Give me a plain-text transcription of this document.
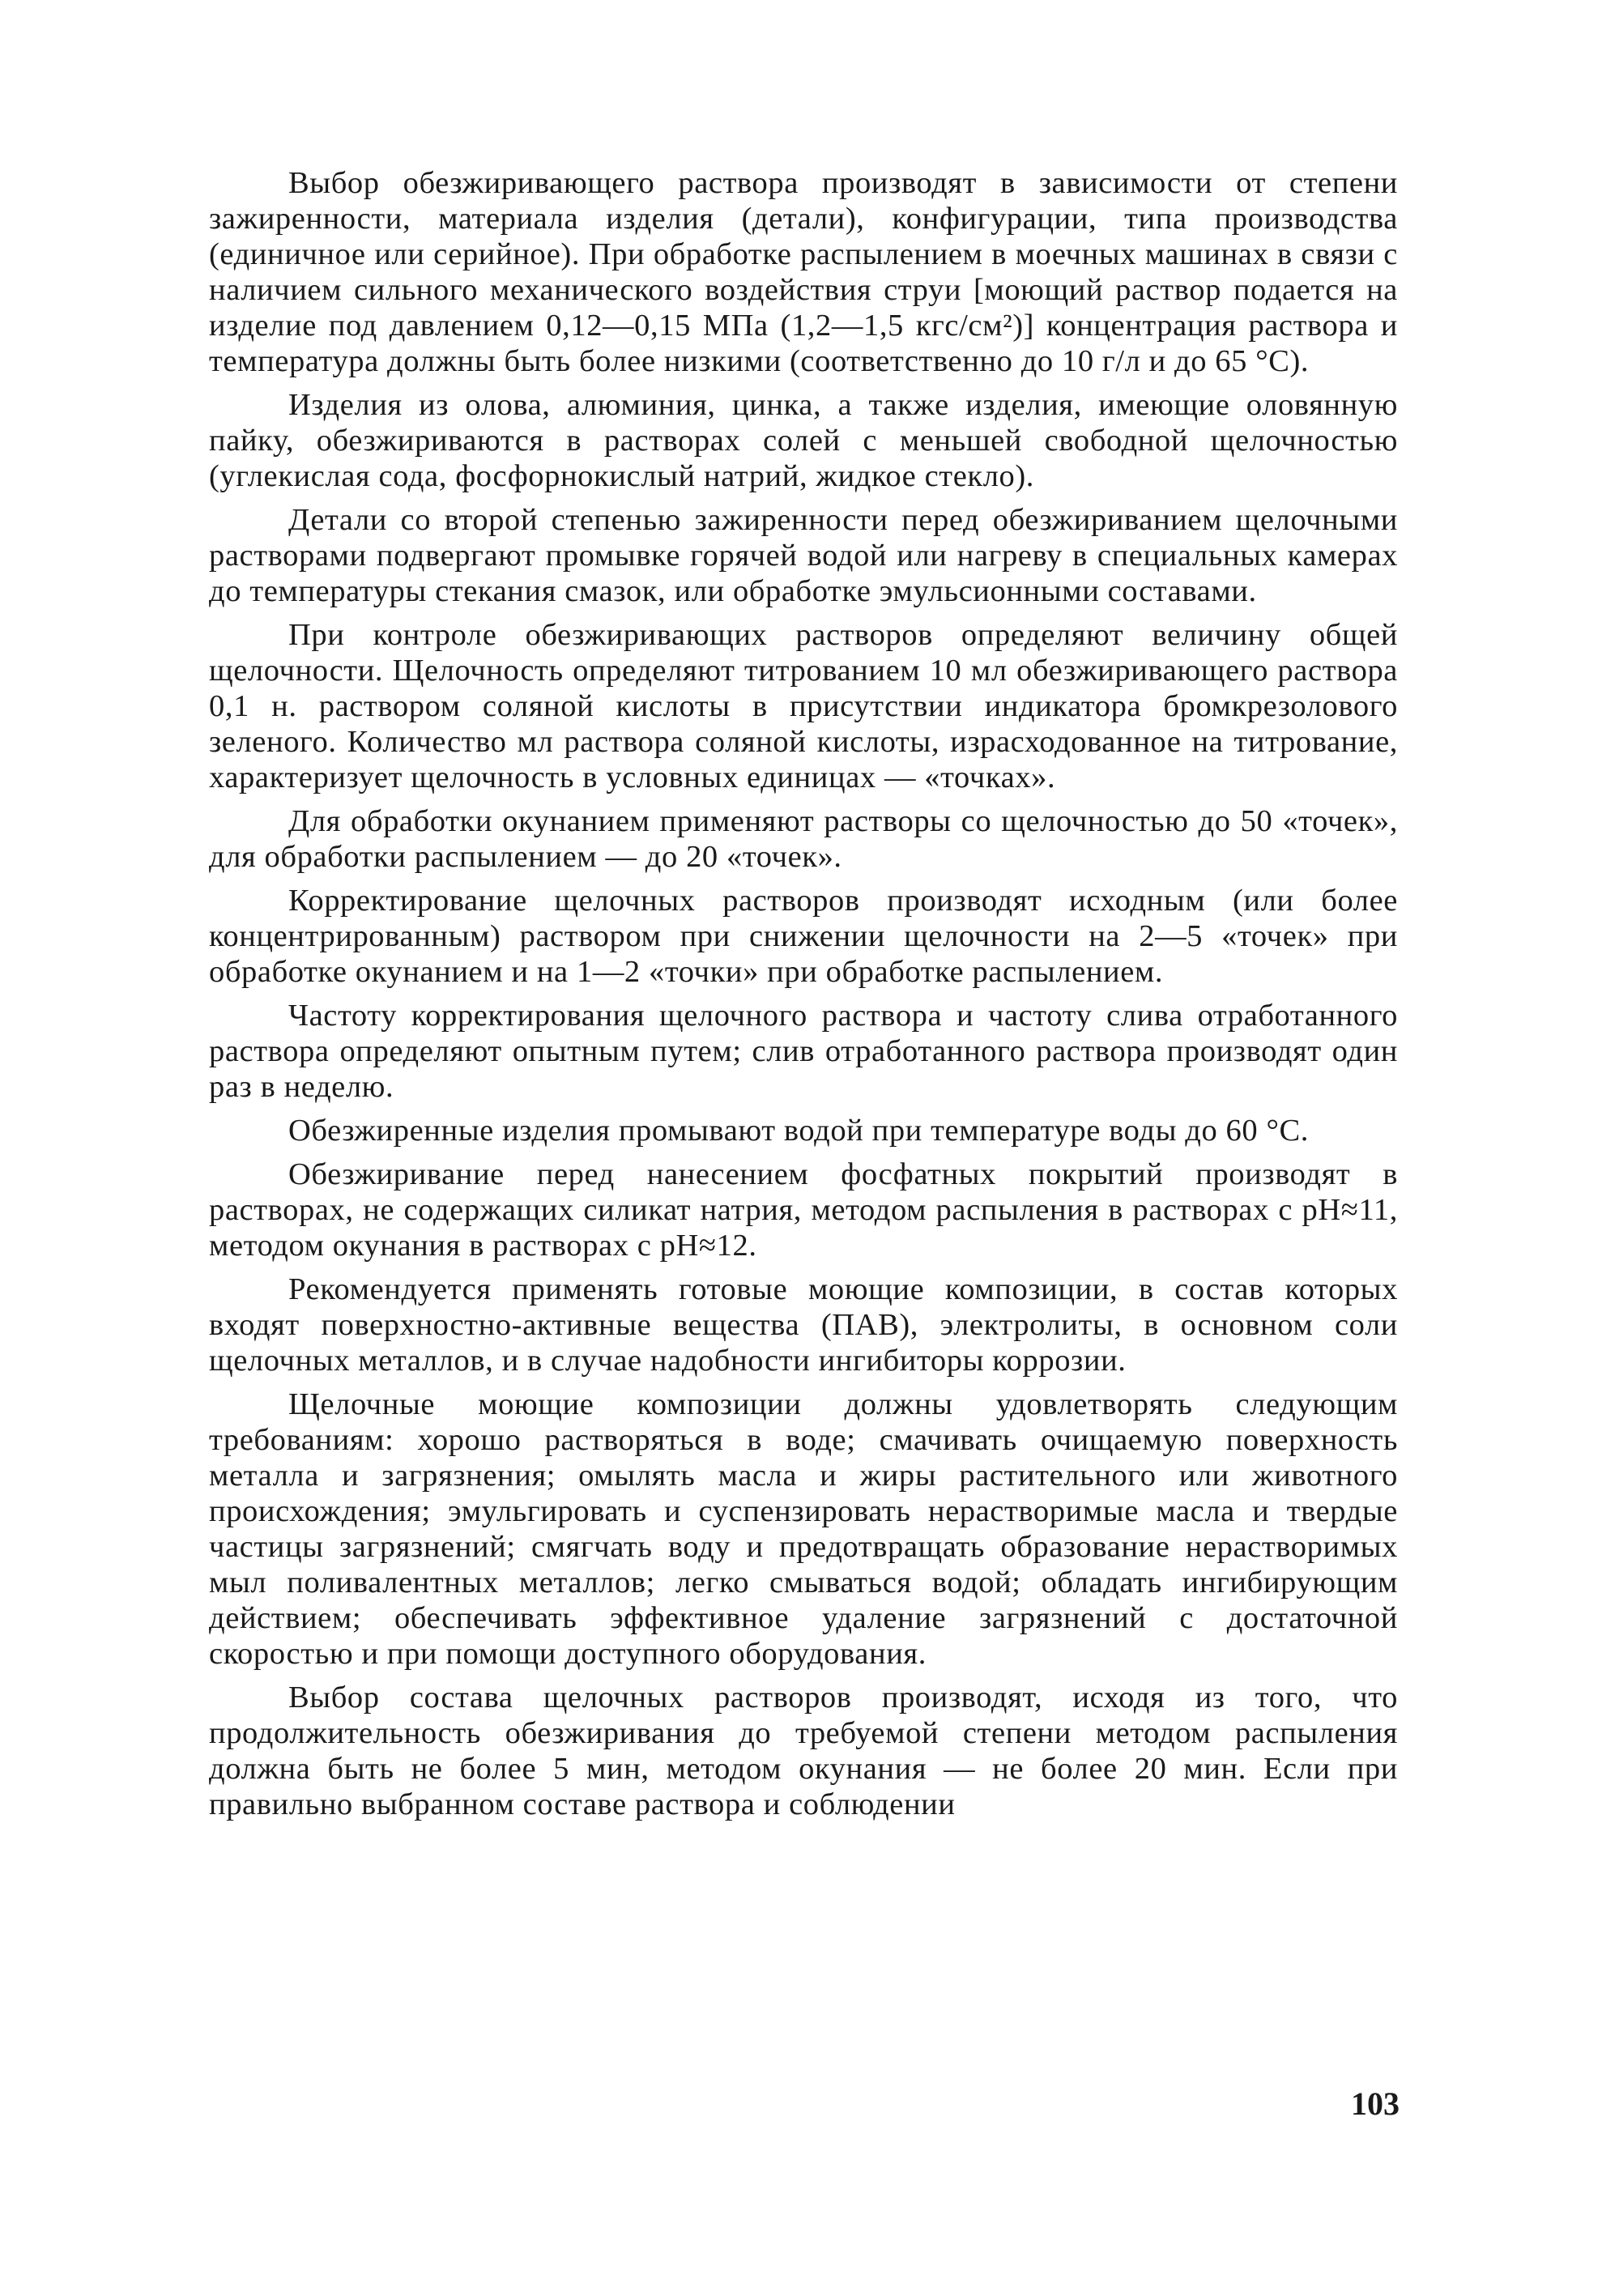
Выбор обезжиривающего раствора производят в зависимости от степени зажиренности, материала изделия (детали), конфигурации, типа производства (единичное или серийное). При обработке распылением в моечных машинах в связи с наличием сильного механического воздействия струи [моющий раствор подается на изделие под давлением 0,12—0,15 МПа (1,2—1,5 кгс/см²)] концентрация раствора и температура должны быть более низкими (соответственно до 10 г/л и до 65 °С).

Изделия из олова, алюминия, цинка, а также изделия, имеющие оловянную пайку, обезжириваются в растворах солей с меньшей свободной щелочностью (углекислая сода, фосфорнокислый натрий, жидкое стекло).

Детали со второй степенью зажиренности перед обезжириванием щелочными растворами подвергают промывке горячей водой или нагреву в специальных камерах до температуры стекания смазок, или обработке эмульсионными составами.

При контроле обезжиривающих растворов определяют величину общей щелочности. Щелочность определяют титрованием 10 мл обезжиривающего раствора 0,1 н. раствором соляной кислоты в присутствии индикатора бромкрезолового зеленого. Количество мл раствора соляной кислоты, израсходованное на титрование, характеризует щелочность в условных единицах — «точках».

Для обработки окунанием применяют растворы со щелочностью до 50 «точек», для обработки распылением — до 20 «точек».

Корректирование щелочных растворов производят исходным (или более концентрированным) раствором при снижении щелочности на 2—5 «точек» при обработке окунанием и на 1—2 «точки» при обработке распылением.

Частоту корректирования щелочного раствора и частоту слива отработанного раствора определяют опытным путем; слив отработанного раствора производят один раз в неделю.

Обезжиренные изделия промывают водой при температуре воды до 60 °С.

Обезжиривание перед нанесением фосфатных покрытий производят в растворах, не содержащих силикат натрия, методом распыления в растворах с pH≈11, методом окунания в растворах с pH≈12.

Рекомендуется применять готовые моющие композиции, в состав которых входят поверхностно-активные вещества (ПАВ), электролиты, в основном соли щелочных металлов, и в случае надобности ингибиторы коррозии.

Щелочные моющие композиции должны удовлетворять следующим требованиям: хорошо растворяться в воде; смачивать очищаемую поверхность металла и загрязнения; омылять масла и жиры растительного или животного происхождения; эмульгировать и суспензировать нерастворимые масла и твердые частицы загрязнений; смягчать воду и предотвращать образование нерастворимых мыл поливалентных металлов; легко смываться водой; обладать ингибирующим действием; обеспечивать эффективное удаление загрязнений с достаточной скоростью и при помощи доступного оборудования.

Выбор состава щелочных растворов производят, исходя из того, что продолжительность обезжиривания до требуемой степени методом распыления должна быть не более 5 мин, методом окунания — не более 20 мин. Если при правильно выбранном составе раствора и соблюдении

103
